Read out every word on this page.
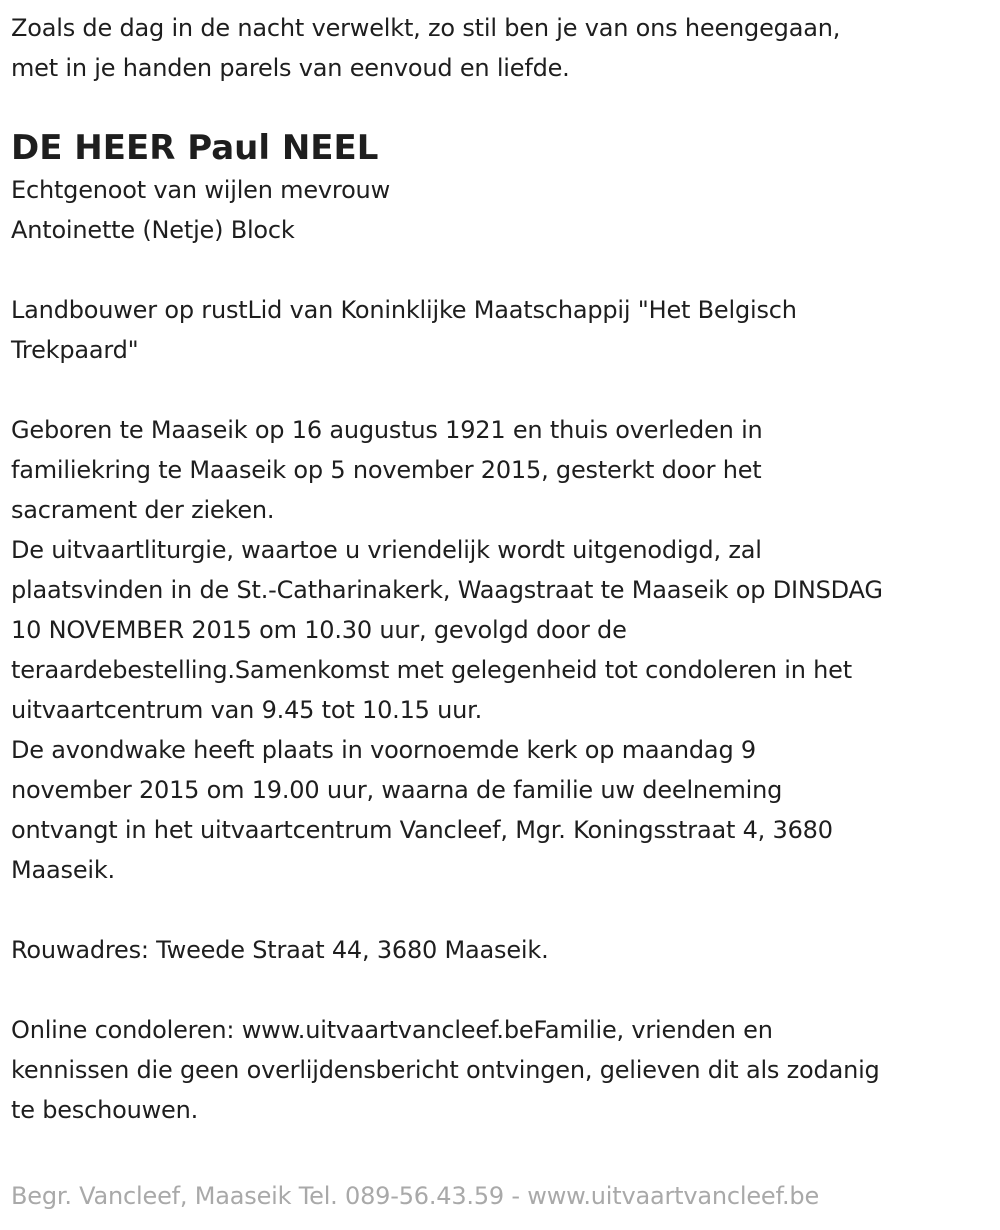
Zoals de dag in de nacht verwelkt, zo stil ben je van ons heengegaan,
met in je handen parels van eenvoud en liefde.
DE HEER Paul NEEL
Echtgenoot van wijlen mevrouw
Antoinette (Netje) Block
Landbouwer op rustLid van Koninklijke Maatschappij "Het Belgisch
Trekpaard"
Geboren te Maaseik op 16 augustus 1921 en thuis overleden in
familiekring te Maaseik op 5 november 2015, gesterkt door het
sacrament der zieken.
De uitvaartliturgie, waartoe u vriendelijk wordt uitgenodigd, zal
plaatsvinden in de St.-Catharinakerk, Waagstraat te Maaseik op DINSDAG
10 NOVEMBER 2015 om 10.30 uur, gevolgd door de
teraardebestelling.Samenkomst met gelegenheid tot condoleren in het
uitvaartcentrum van 9.45 tot 10.15 uur.
De avondwake heeft plaats in voornoemde kerk op maandag 9
november 2015 om 19.00 uur, waarna de familie uw deelneming
ontvangt in het uitvaartcentrum Vancleef, Mgr. Koningsstraat 4, 3680
Maaseik.
Rouwadres: Tweede Straat 44, 3680 Maaseik.
Online condoleren: www.uitvaartvancleef.beFamilie, vrienden en
kennissen die geen overlijdensbericht ontvingen, gelieven dit als zodanig
te beschouwen.
Begr. Vancleef, Maaseik Tel. 089-56.43.59 - www.uitvaartvancleef.be
